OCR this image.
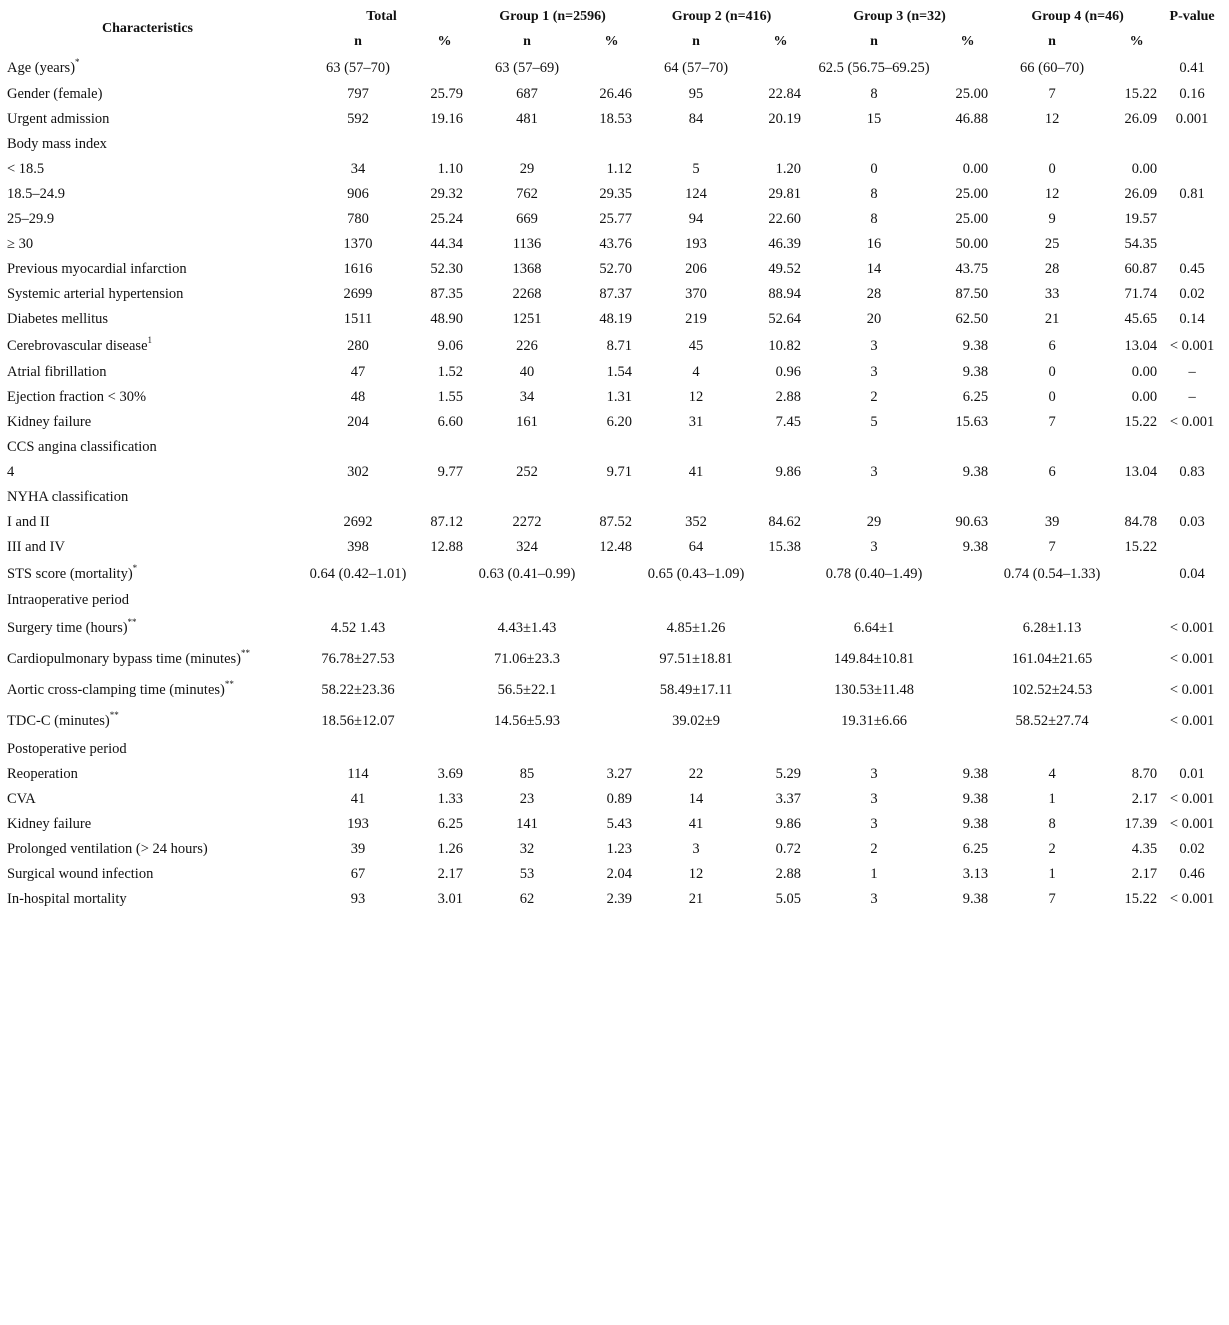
Characteristics	Total		Group 1 (n=2596)		Group 2 (n=416)		Group 3 (n=32)		Group 4 (n=46)		P-value
	n	%	n	%	n	%	n	%	n	%	
Age (years)*	63 (57–70)		63 (57–69)		64 (57–70)		62.5 (56.75–69.25)		66 (60–70)		0.41
Gender (female)	797	25.79	687	26.46	95	22.84	8	25.00	7	15.22	0.16
Urgent admission	592	19.16	481	18.53	84	20.19	15	46.88	12	26.09	0.001
Body mass index											
< 18.5	34	1.10	29	1.12	5	1.20	0	0.00	0	0.00	
18.5–24.9	906	29.32	762	29.35	124	29.81	8	25.00	12	26.09	0.81
25–29.9	780	25.24	669	25.77	94	22.60	8	25.00	9	19.57	
≥ 30	1370	44.34	1136	43.76	193	46.39	16	50.00	25	54.35	
Previous myocardial infarction	1616	52.30	1368	52.70	206	49.52	14	43.75	28	60.87	0.45
Systemic arterial hypertension	2699	87.35	2268	87.37	370	88.94	28	87.50	33	71.74	0.02
Diabetes mellitus	1511	48.90	1251	48.19	219	52.64	20	62.50	21	45.65	0.14
Cerebrovascular disease$^1$	280	9.06	226	8.71	45	10.82	3	9.38	6	13.04	< 0.001
Atrial fibrillation	47	1.52	40	1.54	4	0.96	3	9.38	0	0.00	–
Ejection fraction < 30%	48	1.55	34	1.31	12	2.88	2	6.25	0	0.00	–
Kidney failure	204	6.60	161	6.20	31	7.45	5	15.63	7	15.22	< 0.001
CCS angina classification											
4	302	9.77	252	9.71	41	9.86	3	9.38	6	13.04	0.83
NYHA classification											
I and II	2692	87.12	2272	87.52	352	84.62	29	90.63	39	84.78	0.03
III and IV	398	12.88	324	12.48	64	15.38	3	9.38	7	15.22	
STS score (mortality)*	0.64 (0.42–1.01)		0.63 (0.41–0.99)		0.65 (0.43–1.09)		0.78 (0.40–1.49)		0.74 (0.54–1.33)		0.04
Intraoperative period											
Surgery time (hours)**	4.52 1.43		4.43±1.43		4.85±1.26		6.64±1		6.28±1.13		< 0.001
Cardiopulmonary bypass time (minutes)**	76.78±27.53		71.06±23.3		97.51±18.81		149.84±10.81		161.04±21.65		< 0.001
Aortic cross-clamping time (minutes)**	58.22±23.36		56.5±22.1		58.49±17.11		130.53±11.48		102.52±24.53		< 0.001
TDC-C (minutes)**	18.56±12.07		14.56±5.93		39.02±9		19.31±6.66		58.52±27.74		< 0.001
Postoperative period											
Reoperation	114	3.69	85	3.27	22	5.29	3	9.38	4	8.70	0.01
CVA	41	1.33	23	0.89	14	3.37	3	9.38	1	2.17	< 0.001
Kidney failure	193	6.25	141	5.43	41	9.86	3	9.38	8	17.39	< 0.001
Prolonged ventilation (> 24 hours)	39	1.26	32	1.23	3	0.72	2	6.25	2	4.35	0.02
Surgical wound infection	67	2.17	53	2.04	12	2.88	1	3.13	1	2.17	0.46
In-hospital mortality	93	3.01	62	2.39	21	5.05	3	9.38	7	15.22	< 0.001
